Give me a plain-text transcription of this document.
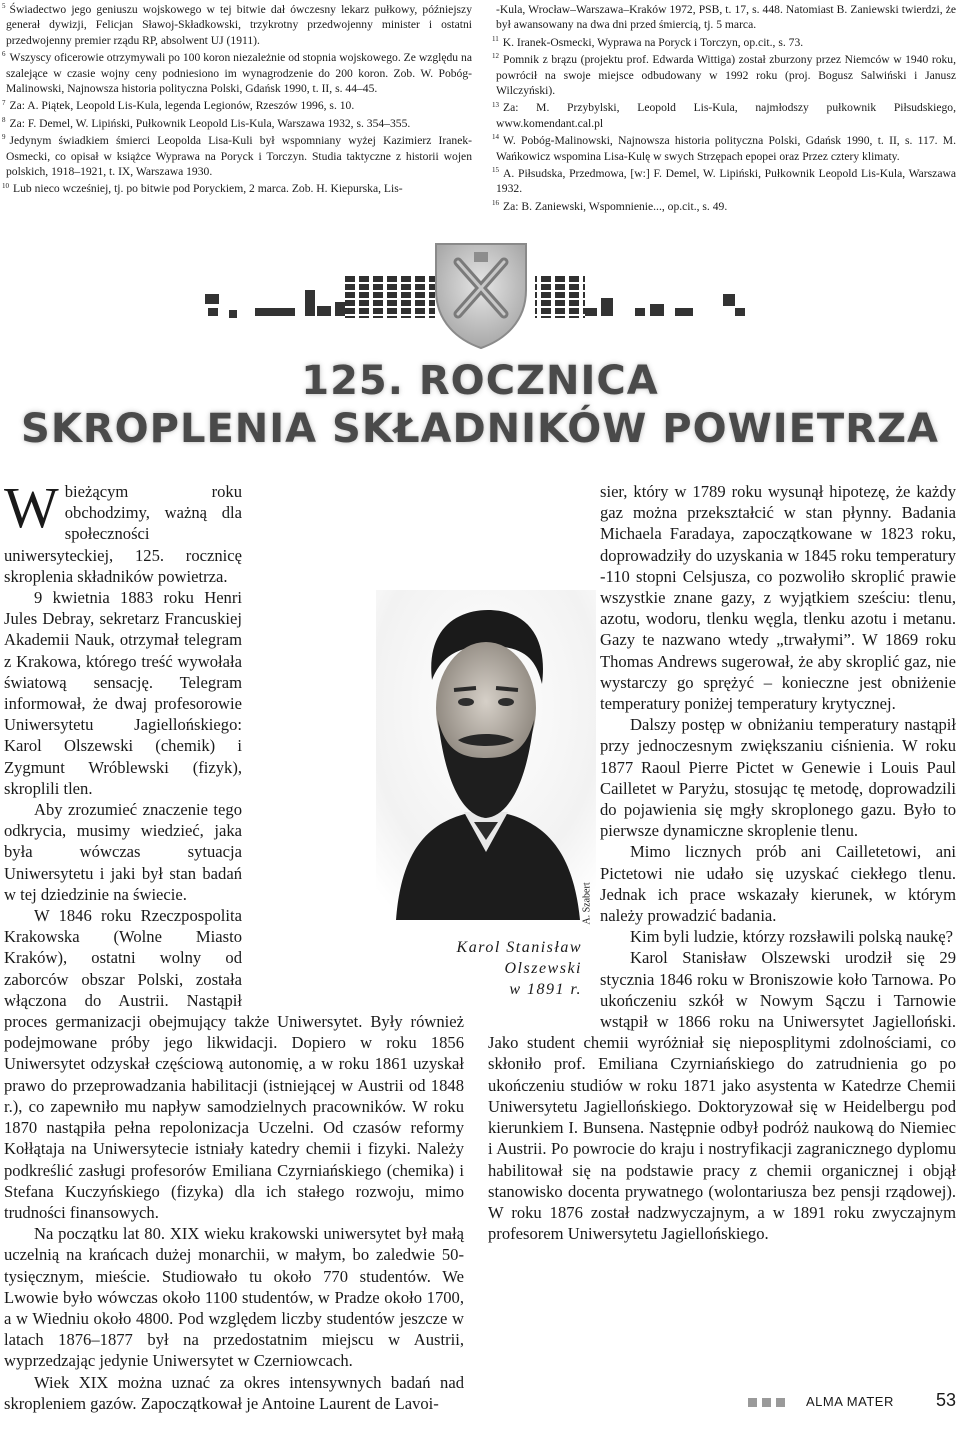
$^5$ Świadectwo jego geniuszu wojskowego w tej bitwie dał ówczesny lekarz pułkowy, późniejszy generał dywizji, Felicjan Sławoj-Składkowski, trzykrotny przedwojenny minister i ostatni przedwojenny premier rządu RP, absolwent UJ (1911).

$^6$ Wszyscy oficerowie otrzymywali po 100 koron niezależnie od stopnia wojskowego. Ze względu na szalejące w czasie wojny ceny podniesiono im wynagrodzenie do 200 koron. Zob. W. Pobóg-Malinowski, Najnowsza historia polityczna Polski, Gdańsk 1990, t. II, s. 44–45.

$^7$ Za: A. Piątek, Leopold Lis-Kula, legenda Legionów, Rzeszów 1996, s. 10.

$^8$ Za: F. Demel, W. Lipiński, Pułkownik Leopold Lis-Kula, Warszawa 1932, s. 354–355.

$^9$ Jedynym świadkiem śmierci Leopolda Lisa-Kuli był wspomniany wyżej Kazimierz Iranek-Osmecki, co opisał w książce Wyprawa na Poryck i Torczyn. Studia taktyczne z historii wojen polskich, 1918–1921, t. IX, Warszawa 1930.

$^{10}$ Lub nieco wcześniej, tj. po bitwie pod Poryckiem, 2 marca. Zob. H. Kiepurska, Lis-

-Kula, Wrocław–Warszawa–Kraków 1972, PSB, t. 17, s. 448. Natomiast B. Zaniewski twierdzi, że był awansowany na dwa dni przed śmiercią, tj. 5 marca.

$^{11}$ K. Iranek-Osmecki, Wyprawa na Poryck i Torczyn, op.cit., s. 73.

$^{12}$ Pomnik z brązu (projektu prof. Edwarda Wittiga) został zburzony przez Niemców w 1940 roku, powrócił na swoje miejsce odbudowany w 1992 roku (proj. Bogusz Salwiński i Janusz Wilczyński).

$^{13}$ Za: M. Przybylski, Leopold Lis-Kula, najmłodszy pułkownik Piłsudskiego, www.komendant.cal.pl

$^{14}$ W. Pobóg-Malinowski, Najnowsza historia polityczna Polski, Gdańsk 1990, t. II, s. 117. M. Wańkowicz wspomina Lisa-Kulę w swych Strzępach epopei oraz Przez cztery klimaty.

$^{15}$ A. Piłsudska, Przedmowa, [w:] F. Demel, W. Lipiński, Pułkownik Leopold Lis-Kula, Warszawa 1932.

$^{16}$ Za: B. Zaniewski, Wspomnienie..., op.cit., s. 49.

125. ROCZNICA
SKROPLENIA SKŁADNIKÓW POWIETRZA

Wbieżącym roku obchodzimy, ważną dla społeczności uniwersyteckiej, 125. rocznicę skroplenia składników powietrza.

9 kwietnia 1883 roku Henri Jules Debray, sekretarz Francuskiej Akademii Nauk, otrzymał telegram z Krakowa, którego treść wywołała światową sensację. Telegram informował, że dwaj profesorowie Uniwersytetu Jagiellońskiego: Karol Olszewski (chemik) i Zygmunt Wróblewski (fizyk), skroplili tlen.

Aby zrozumieć znaczenie tego odkrycia, musimy wiedzieć, jaka była wówczas sytuacja Uniwersytetu i jaki był stan badań w tej dziedzinie na świecie.

W 1846 roku Rzeczpospolita Krakowska (Wolne Miasto Kraków), ostatni wolny od zaborców obszar Polski, została włączona do Austrii. Nastąpił proces germanizacji obejmujący także Uniwersytet. Były również podejmowane próby jego likwidacji. Dopiero w roku 1856 Uniwersytet odzyskał częściową autonomię, a w roku 1861 uzyskał prawo do przeprowadzania habilitacji (istniejącej w Austrii od 1848 r.), co zapewniło mu napływ samodzielnych pracowników. W roku 1870 nastąpiła pełna repolonizacja Uczelni. Od czasów reformy Kołłątaja na Uniwersytecie istniały katedry chemii i fizyki. Należy podkreślić zasługi profesorów Emiliana Czyrniańskiego (chemika) i Stefana Kuczyńskiego (fizyka) dla ich stałego rozwoju, mimo trudności finansowych.

Na początku lat 80. XIX wieku krakowski uniwersytet był małą uczelnią na krańcach dużej monarchii, w małym, bo zaledwie 50-tysięcznym, mieście. Studiowało tu około 770 studentów. We Lwowie było wówczas około 1100 studentów, w Pradze około 1700, a w Wiedniu około 4800. Pod względem liczby studentów jeszcze w latach 1876–1877 był na przedostatnim miejscu w Austrii, wyprzedzając jedynie Uniwersytet w Czerniowcach.

Wiek XIX można uznać za okres intensywnych badań nad skropleniem gazów. Zapoczątkował je Antoine Laurent de Lavoi-

A. Szabert
Karol Stanisław Olszewski
w 1891 r.

sier, który w 1789 roku wysunął hipotezę, że każdy gaz można przekształcić w stan płynny. Badania Michaela Faradaya, zapoczątkowane w 1823 roku, doprowadziły do uzyskania w 1845 roku temperatury -110 stopni Celsjusza, co pozwoliło skroplić prawie wszystkie znane gazy, z wyjątkiem sześciu: tlenu, azotu, wodoru, tlenku węgla, tlenku azotu i metanu. Gazy te nazwano wtedy „trwałymi”. W 1869 roku Thomas Andrews sugerował, że aby skroplić gaz, nie wystarczy go sprężyć – konieczne jest obniżenie temperatury poniżej temperatury krytycznej.

Dalszy postęp w obniżaniu temperatury nastąpił przy jednoczesnym zwiększaniu ciśnienia. W roku 1877 Raoul Pierre Pictet w Genewie i Louis Paul Cailletet w Paryżu, stosując tę metodę, doprowadzili do pojawienia się mgły skroplonego gazu. Było to pierwsze dynamiczne skroplenie tlenu.

Mimo licznych prób ani Cailletetowi, ani Pictetowi nie udało się uzyskać ciekłego tlenu. Jednak ich prace wskazały kierunek, w którym należy prowadzić badania.

Kim byli ludzie, którzy rozsławili polską naukę?

Karol Stanisław Olszewski urodził się 29 stycznia 1846 roku w Broniszowie koło Tarnowa. Po ukończeniu szkół w Nowym Sączu i Tarnowie wstąpił w 1866 roku na Uniwersytet Jagielloński. Jako student chemii wyróżniał się nieposplitymi zdolnościami, co skłoniło prof. Emiliana Czyrniańskiego do zatrudnienia go po ukończeniu studiów w roku 1871 jako asystenta w Katedrze Chemii Uniwersytetu Jagiellońskiego. Doktoryzował się w Heidelbergu pod kierunkiem I. Bunsena. Następnie odbył podróż naukową do Niemiec i Austrii. Po powrocie do kraju i nostryfikacji zagranicznego dyplomu habilitował się na podstawie pracy z chemii organicznej i objął stanowisko docenta prywatnego (wolontariusza bez pensji rządowej). W roku 1876 został nadzwyczajnym, a w 1891 roku zwyczajnym profesorem Uniwersytetu Jagiellońskiego.

ALMA MATER 53
